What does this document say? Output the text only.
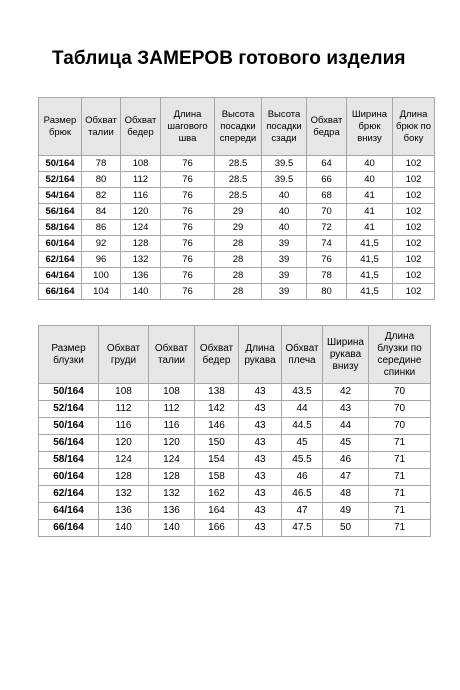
Таблица ЗАМЕРОВ готового изделия
Размер брюк	Обхват талии	Обхват бедер	Длина шагового шва	Высота посадки спереди	Высота посадки сзади	Обхват бедра	Ширина брюк внизу	Длина брюк по боку
50/164	78	108	76	28.5	39.5	64	40	102
52/164	80	112	76	28.5	39.5	66	40	102
54/164	82	116	76	28.5	40	68	41	102
56/164	84	120	76	29	40	70	41	102
58/164	86	124	76	29	40	72	41	102
60/164	92	128	76	28	39	74	41,5	102
62/164	96	132	76	28	39	76	41,5	102
64/164	100	136	76	28	39	78	41,5	102
66/164	104	140	76	28	39	80	41,5	102
Размер блузки	Обхват груди	Обхват талии	Обхват бедер	Длина рукава	Обхват плеча	Ширина рукава внизу	Длина блузки по середине спинки
50/164	108	108	138	43	43.5	42	70
52/164	112	112	142	43	44	43	70
50/164	116	116	146	43	44.5	44	70
56/164	120	120	150	43	45	45	71
58/164	124	124	154	43	45.5	46	71
60/164	128	128	158	43	46	47	71
62/164	132	132	162	43	46.5	48	71
64/164	136	136	164	43	47	49	71
66/164	140	140	166	43	47.5	50	71
